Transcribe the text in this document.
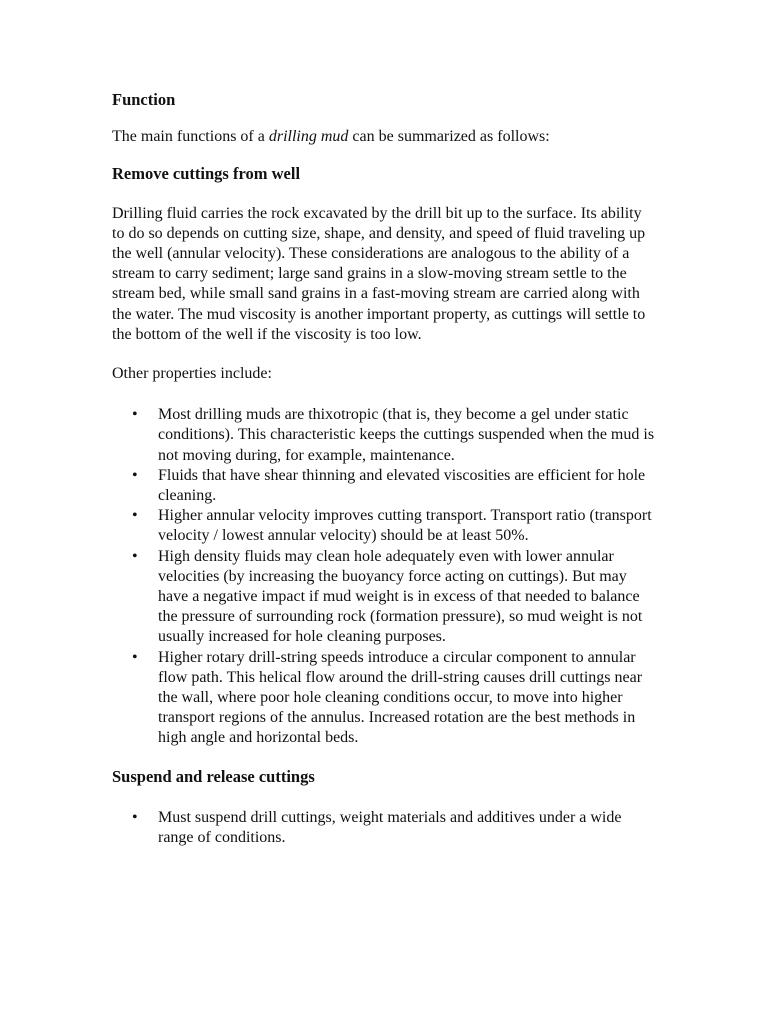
Function

The main functions of a drilling mud can be summarized as follows:

Remove cuttings from well

Drilling fluid carries the rock excavated by the drill bit up to the surface. Its ability to do so depends on cutting size, shape, and density, and speed of fluid traveling up the well (annular velocity). These considerations are analogous to the ability of a stream to carry sediment; large sand grains in a slow-moving stream settle to the stream bed, while small sand grains in a fast-moving stream are carried along with the water. The mud viscosity is another important property, as cuttings will settle to the bottom of the well if the viscosity is too low.

Other properties include:

• Most drilling muds are thixotropic (that is, they become a gel under static conditions). This characteristic keeps the cuttings suspended when the mud is not moving during, for example, maintenance.
• Fluids that have shear thinning and elevated viscosities are efficient for hole cleaning.
• Higher annular velocity improves cutting transport. Transport ratio (transport velocity / lowest annular velocity) should be at least 50%.
• High density fluids may clean hole adequately even with lower annular velocities (by increasing the buoyancy force acting on cuttings). But may have a negative impact if mud weight is in excess of that needed to balance the pressure of surrounding rock (formation pressure), so mud weight is not usually increased for hole cleaning purposes.
• Higher rotary drill-string speeds introduce a circular component to annular flow path. This helical flow around the drill-string causes drill cuttings near the wall, where poor hole cleaning conditions occur, to move into higher transport regions of the annulus. Increased rotation are the best methods in high angle and horizontal beds.

Suspend and release cuttings

• Must suspend drill cuttings, weight materials and additives under a wide range of conditions.
